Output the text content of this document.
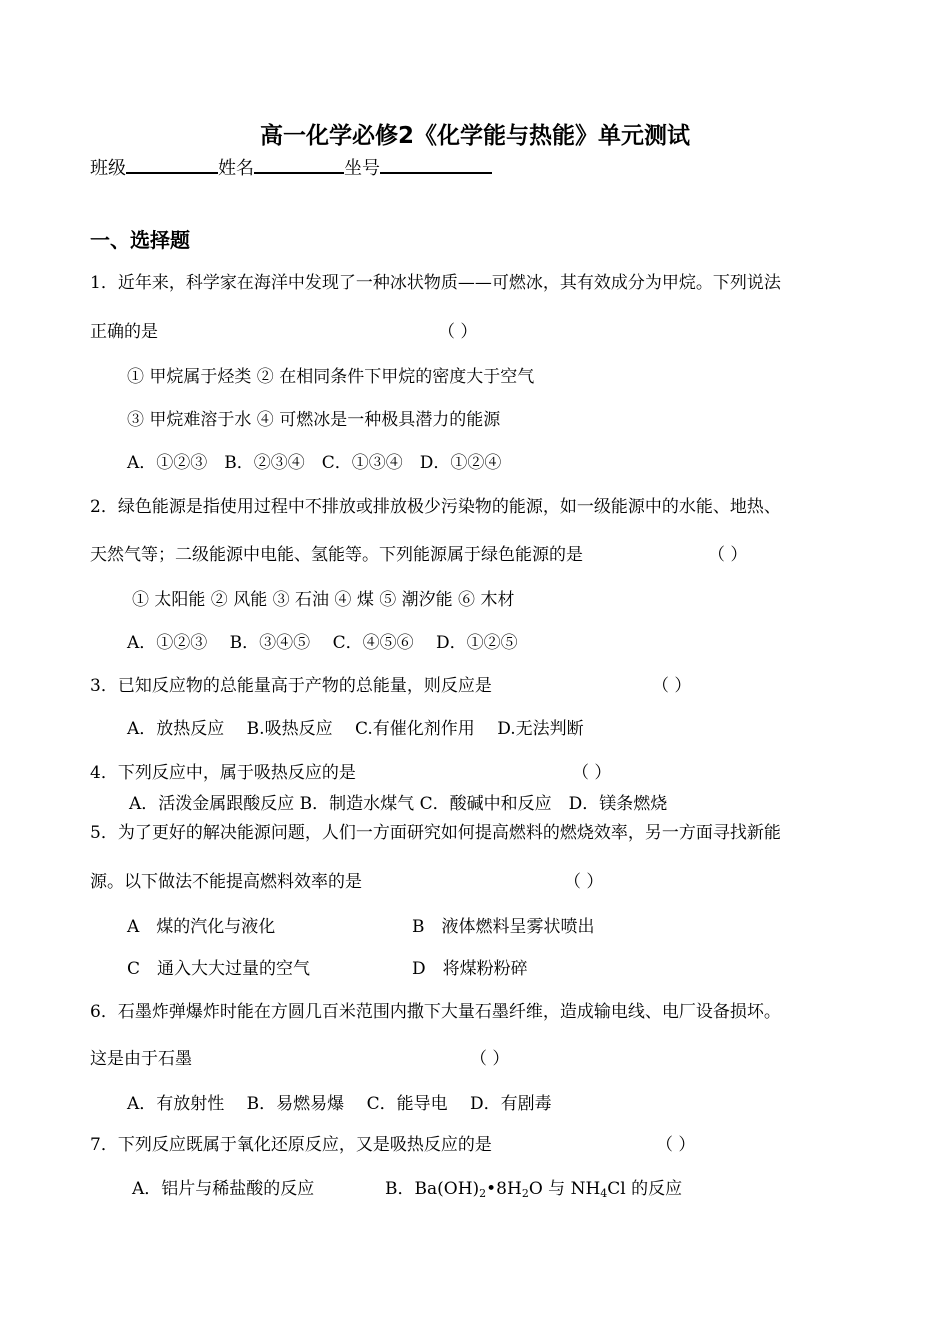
高一化学必修2《化学能与热能》单元测试
班级	姓名	坐号
一、选择题
1．近年来，科学家在海洋中发现了一种冰状物质——可燃冰，其有效成分为甲烷。下列说法
正确的是	（ ）
① 甲烷属于烃类 ② 在相同条件下甲烷的密度大于空气
③ 甲烷难溶于水 ④ 可燃冰是一种极具潜力的能源
A．①②③　B．②③④　C．①③④　D．①②④
2．绿色能源是指使用过程中不排放或排放极少污染物的能源，如一级能源中的水能、地热、
天然气等；二级能源中电能、氢能等。下列能源属于绿色能源的是	（ ）
① 太阳能 ② 风能 ③ 石油 ④ 煤 ⑤ 潮汐能 ⑥ 木材
A．①②③　 B．③④⑤　 C．④⑤⑥　 D．①②⑤
3．已知反应物的总能量高于产物的总能量，则反应是	（ ）
A．放热反应　 B.吸热反应　 C.有催化剂作用　 D.无法判断
4．下列反应中，属于吸热反应的是	（ ）
A．活泼金属跟酸反应 B．制造水煤气 C．酸碱中和反应　D．镁条燃烧
5．为了更好的解决能源问题，人们一方面研究如何提高燃料的燃烧效率，另一方面寻找新能
源。以下做法不能提高燃料效率的是	（ ）
A　煤的汽化与液化	B　液体燃料呈雾状喷出
C　通入大大过量的空气	D　将煤粉粉碎
6．石墨炸弹爆炸时能在方圆几百米范围内撒下大量石墨纤维，造成输电线、电厂设备损坏。
这是由于石墨	（ ）
A．有放射性　 B．易燃易爆　 C．能导电　 D．有剧毒
7．下列反应既属于氧化还原反应，又是吸热反应的是	（ ）
A．铝片与稀盐酸的反应	B．$Ba(OH)_2•8H_2O$ 与 $NH_4Cl$ 的反应
